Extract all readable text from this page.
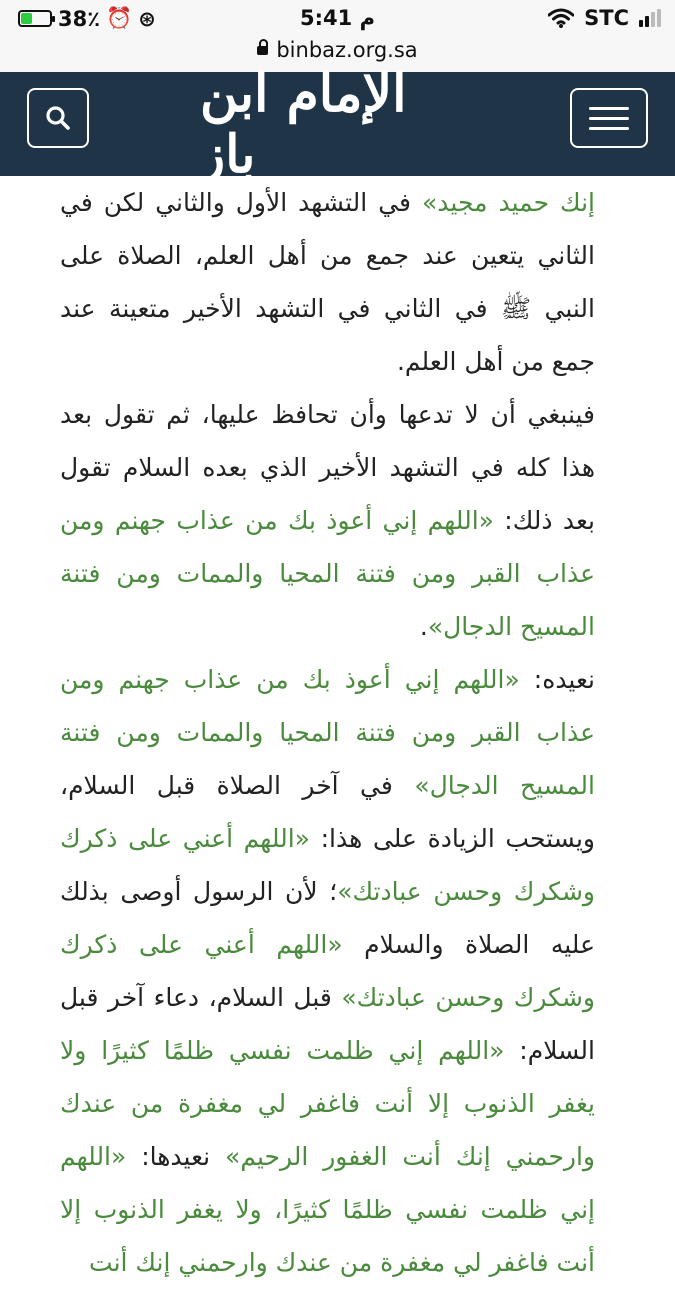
38٪ ⏰ ⊛	5:41 م	STC
binbaz.org.sa
الإمام ابن باز

إنك حميد مجيد» في التشهد الأول والثاني لكن في الثاني يتعين عند جمع من أهل العلم، الصلاة على النبي ﷺ في الثاني في التشهد الأخير متعينة عند جمع من أهل العلم.

فينبغي أن لا تدعها وأن تحافظ عليها، ثم تقول بعد هذا كله في التشهد الأخير الذي بعده السلام تقول بعد ذلك: «اللهم إني أعوذ بك من عذاب جهنم ومن عذاب القبر ومن فتنة المحيا والممات ومن فتنة المسيح الدجال».

نعيده: «اللهم إني أعوذ بك من عذاب جهنم ومن عذاب القبر ومن فتنة المحيا والممات ومن فتنة المسيح الدجال» في آخر الصلاة قبل السلام، ويستحب الزيادة على هذا: «اللهم أعني على ذكرك وشكرك وحسن عبادتك»؛ لأن الرسول أوصى بذلك عليه الصلاة والسلام «اللهم أعني على ذكرك وشكرك وحسن عبادتك» قبل السلام، دعاء آخر قبل السلام: «اللهم إني ظلمت نفسي ظلمًا كثيرًا ولا يغفر الذنوب إلا أنت فاغفر لي مغفرة من عندك وارحمني إنك أنت الغفور الرحيم» نعيدها: «اللهم إني ظلمت نفسي ظلمًا كثيرًا، ولا يغفر الذنوب إلا أنت فاغفر لي مغفرة من عندك وارحمني إنك أنت
